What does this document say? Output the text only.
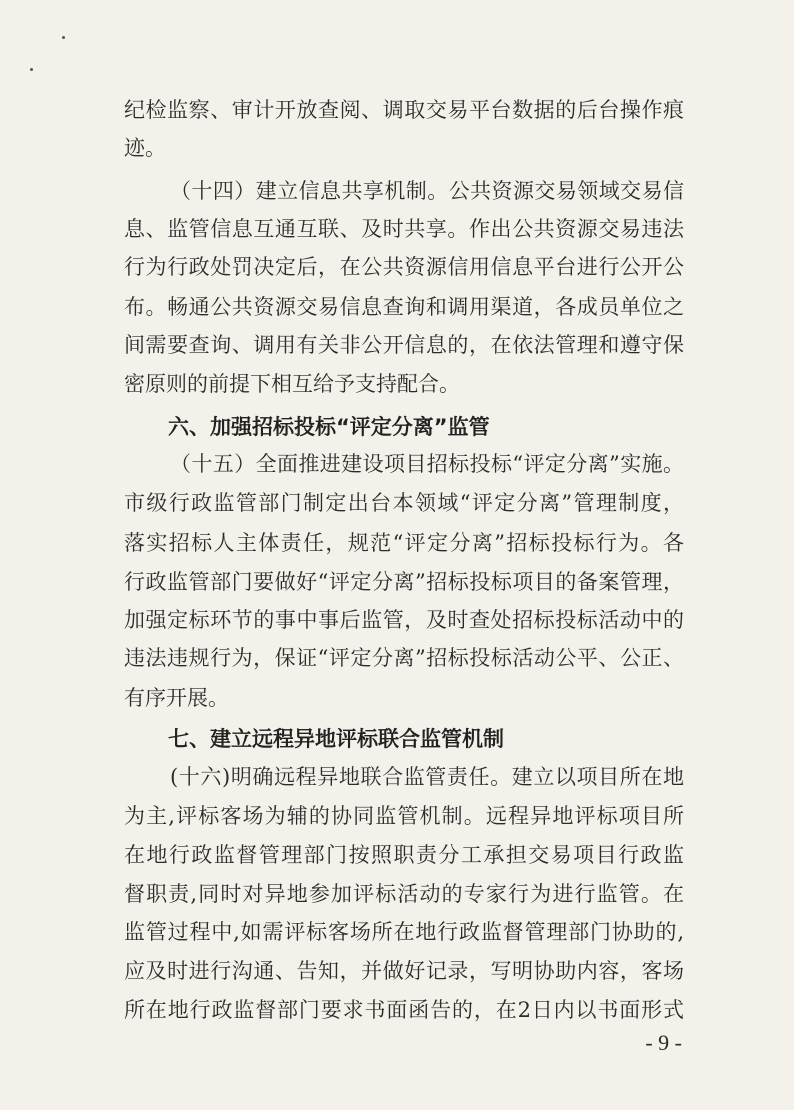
纪检监察、审计开放查阅、调取交易平台数据的后台操作痕
迹。
（十四）建立信息共享机制。公共资源交易领域交易信
息、监管信息互通互联、及时共享。作出公共资源交易违法
行为行政处罚决定后，在公共资源信用信息平台进行公开公
布。畅通公共资源交易信息查询和调用渠道，各成员单位之
间需要查询、调用有关非公开信息的，在依法管理和遵守保
密原则的前提下相互给予支持配合。
六、加强招标投标“评定分离”监管
（十五）全面推进建设项目招标投标“评定分离”实施。
市级行政监管部门制定出台本领域“评定分离”管理制度，
落实招标人主体责任，规范“评定分离”招标投标行为。各
行政监管部门要做好“评定分离”招标投标项目的备案管理，
加强定标环节的事中事后监管，及时查处招标投标活动中的
违法违规行为，保证“评定分离”招标投标活动公平、公正、
有序开展。
七、建立远程异地评标联合监管机制
(十六)明确远程异地联合监管责任。建立以项目所在地
为主,评标客场为辅的协同监管机制。远程异地评标项目所
在地行政监督管理部门按照职责分工承担交易项目行政监
督职责,同时对异地参加评标活动的专家行为进行监管。在
监管过程中,如需评标客场所在地行政监督管理部门协助的,
应及时进行沟通、告知，并做好记录，写明协助内容，客场
所在地行政监督部门要求书面函告的，在2日内以书面形式
- 9 -
